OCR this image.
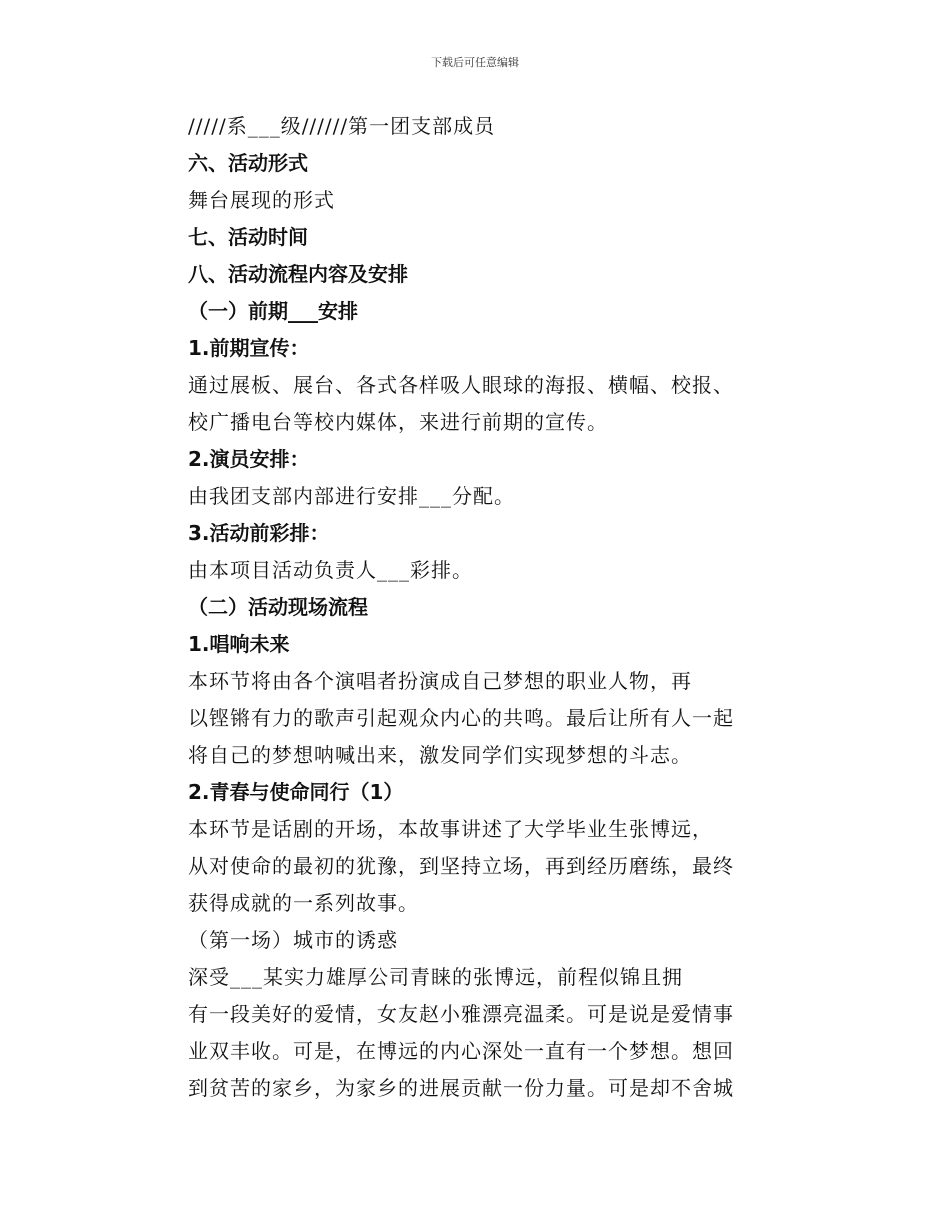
下载后可任意编辑
/////系___级//////第一团支部成员
六、活动形式
舞台展现的形式
七、活动时间
八、活动流程内容及安排
（一）前期___安排
1.前期宣传：
通过展板、展台、各式各样吸人眼球的海报、横幅、校报、
校广播电台等校内媒体，来进行前期的宣传。
2.演员安排：
由我团支部内部进行安排___分配。
3.活动前彩排：
由本项目活动负责人___彩排。
（二）活动现场流程
1.唱响未来
本环节将由各个演唱者扮演成自己梦想的职业人物，再
以铿锵有力的歌声引起观众内心的共鸣。最后让所有人一起
将自己的梦想呐喊出来，激发同学们实现梦想的斗志。
2.青春与使命同行（1）
本环节是话剧的开场，本故事讲述了大学毕业生张博远，
从对使命的最初的犹豫，到坚持立场，再到经历磨练，最终
获得成就的一系列故事。
（第一场）城市的诱惑
深受___某实力雄厚公司青睐的张博远，前程似锦且拥
有一段美好的爱情，女友赵小雅漂亮温柔。可是说是爱情事
业双丰收。可是，在博远的内心深处一直有一个梦想。想回
到贫苦的家乡，为家乡的进展贡献一份力量。可是却不舍城
